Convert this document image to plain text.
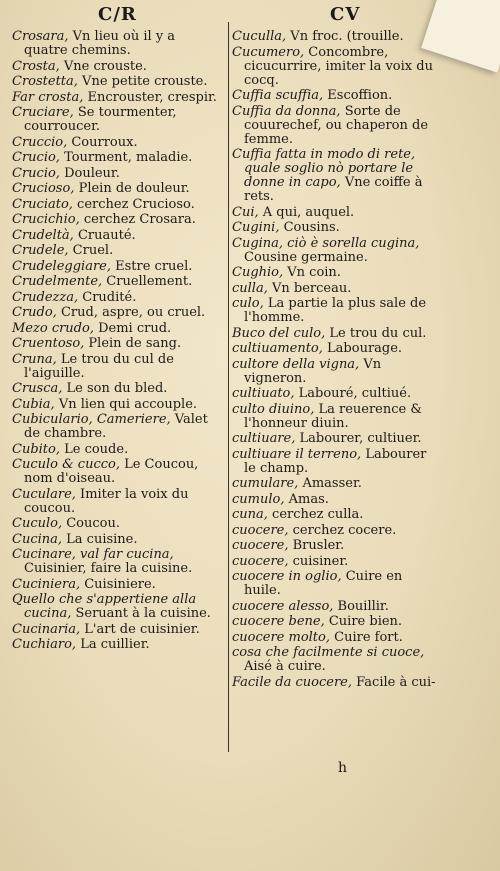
C/R	CV
Crosara, Vn lieu où il y a quatre chemins.
Crosta, Vne crouste.
Crostetta, Vne petite crouste.
Far crosta, Encrouster, crespir.
Cruciare, Se tourmenter, courroucer.
Cruccio, Courroux.
Crucio, Tourment, maladie.
Crucio, Douleur.
Crucioso, Plein de douleur.
Cruciato, cerchez Crucioso.
Crucichio, cerchez Crosara.
Crudeltà, Cruauté.
Crudele, Cruel.
Crudeleggiare, Estre cruel.
Crudelmente, Cruellement.
Crudezza, Crudité.
Crudo, Crud, aspre, ou cruel.
Mezo crudo, Demi crud.
Cruentoso, Plein de sang.
Cruna, Le trou du cul de l'aiguille.
Crusca, Le son du bled.
Cubia, Vn lien qui accouple.
Cubiculario, Cameriere, Valet de chambre.
Cubito, Le coude.
Cuculo & cucco, Le Coucou, nom d'oiseau.
Cuculare, Imiter la voix du coucou.
Cuculo, Coucou.
Cucina, La cuisine.
Cucinare, val far cucina, Cuisinier, faire la cuisine.
Cuciniera, Cuisiniere.
Quello che s'appertiene alla cucina, Seruant à la cuisine.
Cucinaria, L'art de cuisinier.
Cuchiaro, La cuillier.
Cuculla, Vn froc. (trouille.
Cucumero, Concombre, cicucurrire, imiter la voix du cocq.
Cuffia scuffia, Escoffion.
Cuffia da donna, Sorte de couurechef, ou chaperon de femme.
Cuffia fatta in modo di rete, quale soglio nò portare le donne in capo, Vne coiffe à rets.
Cui, A qui, auquel.
Cugini, Cousins.
Cugina, ciò è sorella cugina, Cousine germaine.
Cughio, Vn coin.
culla, Vn berceau.
culo, La partie la plus sale de l'homme.
Buco del culo, Le trou du cul.
cultiuamento, Labourage.
cultore della vigna, Vn vigneron.
cultiuato, Labouré, cultiué.
culto diuino, La reuerence & l'honneur diuin.
cultiuare, Labourer, cultiuer.
cultiuare il terreno, Labourer le champ.
cumulare, Amasser.
cumulo, Amas.
cuna, cerchez culla.
cuocere, cerchez cocere.
cuocere, Brusler.
cuocere, cuisiner.
cuocere in oglio, Cuire en huile.
cuocere alesso, Bouillir.
cuocere bene, Cuire bien.
cuocere molto, Cuire fort.
cosa che facilmente si cuoce, Aisé à cuire.
Facile da cuocere, Facile à cui-
h
